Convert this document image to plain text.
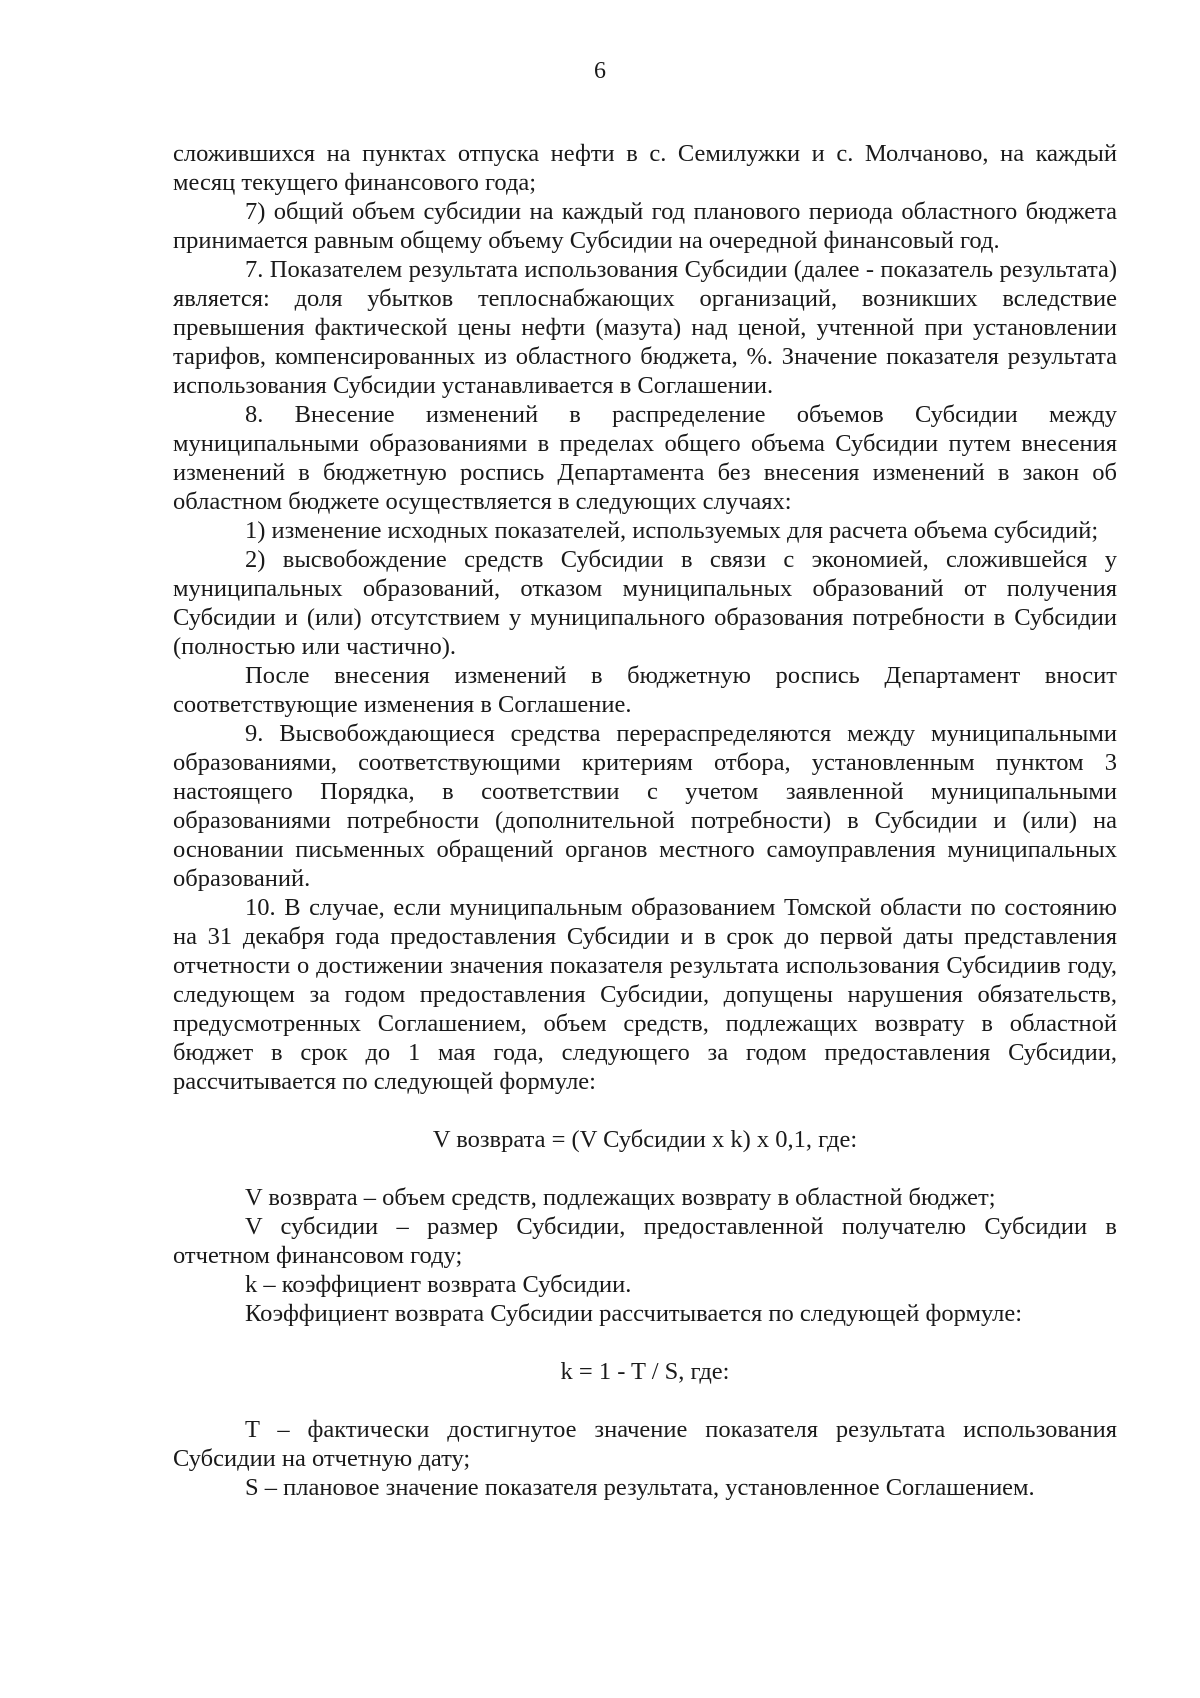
6

сложившихся на пунктах отпуска нефти в с. Семилужки и с. Молчаново, на каждый месяц текущего финансового года;

7) общий объем субсидии на каждый год планового периода областного бюджета принимается равным общему объему Субсидии на очередной финансовый год.

7. Показателем результата использования Субсидии (далее - показатель результата) является: доля убытков теплоснабжающих организаций, возникших вследствие превышения фактической цены нефти (мазута) над ценой, учтенной при установлении тарифов, компенсированных из областного бюджета, %. Значение показателя результата использования Субсидии устанавливается в Соглашении.

8. Внесение изменений в распределение объемов Субсидии между муниципальными образованиями в пределах общего объема Субсидии путем внесения изменений в бюджетную роспись Департамента без внесения изменений в закон об областном бюджете осуществляется в следующих случаях:

1) изменение исходных показателей, используемых для расчета объема субсидий;

2) высвобождение средств Субсидии в связи с экономией, сложившейся у муниципальных образований, отказом муниципальных образований от получения Субсидии и (или) отсутствием у муниципального образования потребности в Субсидии (полностью или частично).

После внесения изменений в бюджетную роспись Департамент вносит соответствующие изменения в Соглашение.

9. Высвобождающиеся средства перераспределяются между муниципальными образованиями, соответствующими критериям отбора, установленным пунктом 3 настоящего Порядка, в соответствии с учетом заявленной муниципальными образованиями потребности (дополнительной потребности) в Субсидии и (или) на основании письменных обращений органов местного самоуправления муниципальных образований.

10. В случае, если муниципальным образованием Томской области по состоянию на 31 декабря года предоставления Субсидии и в срок до первой даты представления отчетности о достижении значения показателя результата использования Субсидиив году, следующем за годом предоставления Субсидии, допущены нарушения обязательств, предусмотренных Соглашением, объем средств, подлежащих возврату в областной бюджет в срок до 1 мая года, следующего за годом предоставления Субсидии, рассчитывается по следующей формуле:

V возврата = (V Субсидии x k) x 0,1, где:

V возврата – объем средств, подлежащих возврату в областной бюджет;

V субсидии – размер Субсидии, предоставленной получателю Субсидии в отчетном финансовом году;

k – коэффициент возврата Субсидии.

Коэффициент возврата Субсидии рассчитывается по следующей формуле:

k = 1 - T / S, где:

T – фактически достигнутое значение показателя результата использования Субсидии на отчетную дату;

S – плановое значение показателя результата, установленное Соглашением.
